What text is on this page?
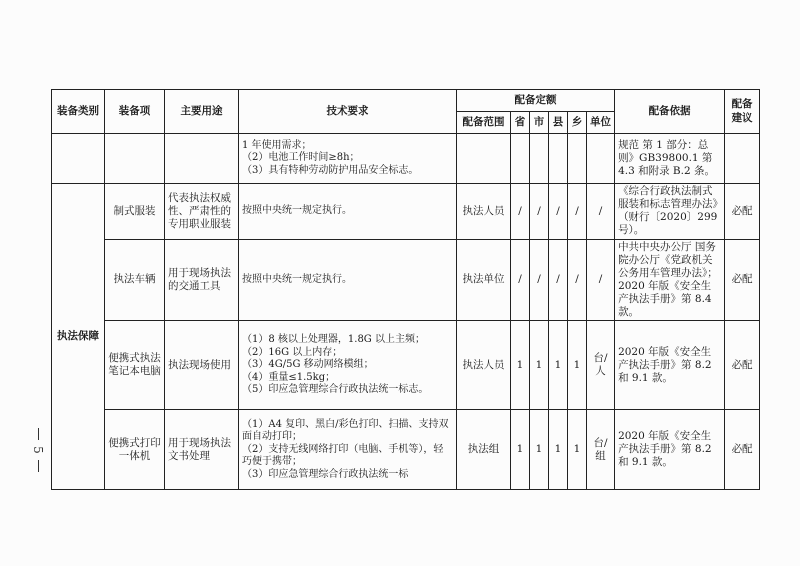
5
装备类别	装备项	主要用途	技术要求	配备定额						配备依据	配备建议
				配备范围	省	市	县	乡	单位		

			1 年使用需求；
（2）电池工作时间≥8h；
（3）具有特种劳动防护用品安全标志。							规范 第 1 部分：总则》GB39800.1 第 4.3 和附录 B.2 条。	
执法保障	制式服装	代表执法权威性、严肃性的专用职业服装	按照中央统一规定执行。	执法人员	/	/	/	/	/	《综合行政执法制式服装和标志管理办法》（财行〔2020〕299 号）。	必配
	执法车辆	用于现场执法的交通工具	按照中央统一规定执行。	执法单位	/	/	/	/	/	中共中央办公厅 国务院办公厅《党政机关公务用车管理办法》；2020 年版《安全生产执法手册》第 8.4 款。	必配
	便携式执法笔记本电脑	执法现场使用	（1）8 核以上处理器，1.8G 以上主频；
（2）16G 以上内存；
（3）4G/5G 移动网络模组；
（4）重量≤1.5kg；
（5）印应急管理综合行政执法统一标志。	执法人员	1	1	1	1	台/人	2020 年版《安全生产执法手册》第 8.2 和 9.1 款。	必配
	便携式打印一体机	用于现场执法文书处理	（1）A4 复印、黑白/彩色打印、扫描、支持双面自动打印；
（2）支持无线网络打印（电脑、手机等），轻巧便于携带；
（3）印应急管理综合行政执法统一标	执法组	1	1	1	1	台/组	2020 年版《安全生产执法手册》第 8.2 和 9.1 款。	必配
